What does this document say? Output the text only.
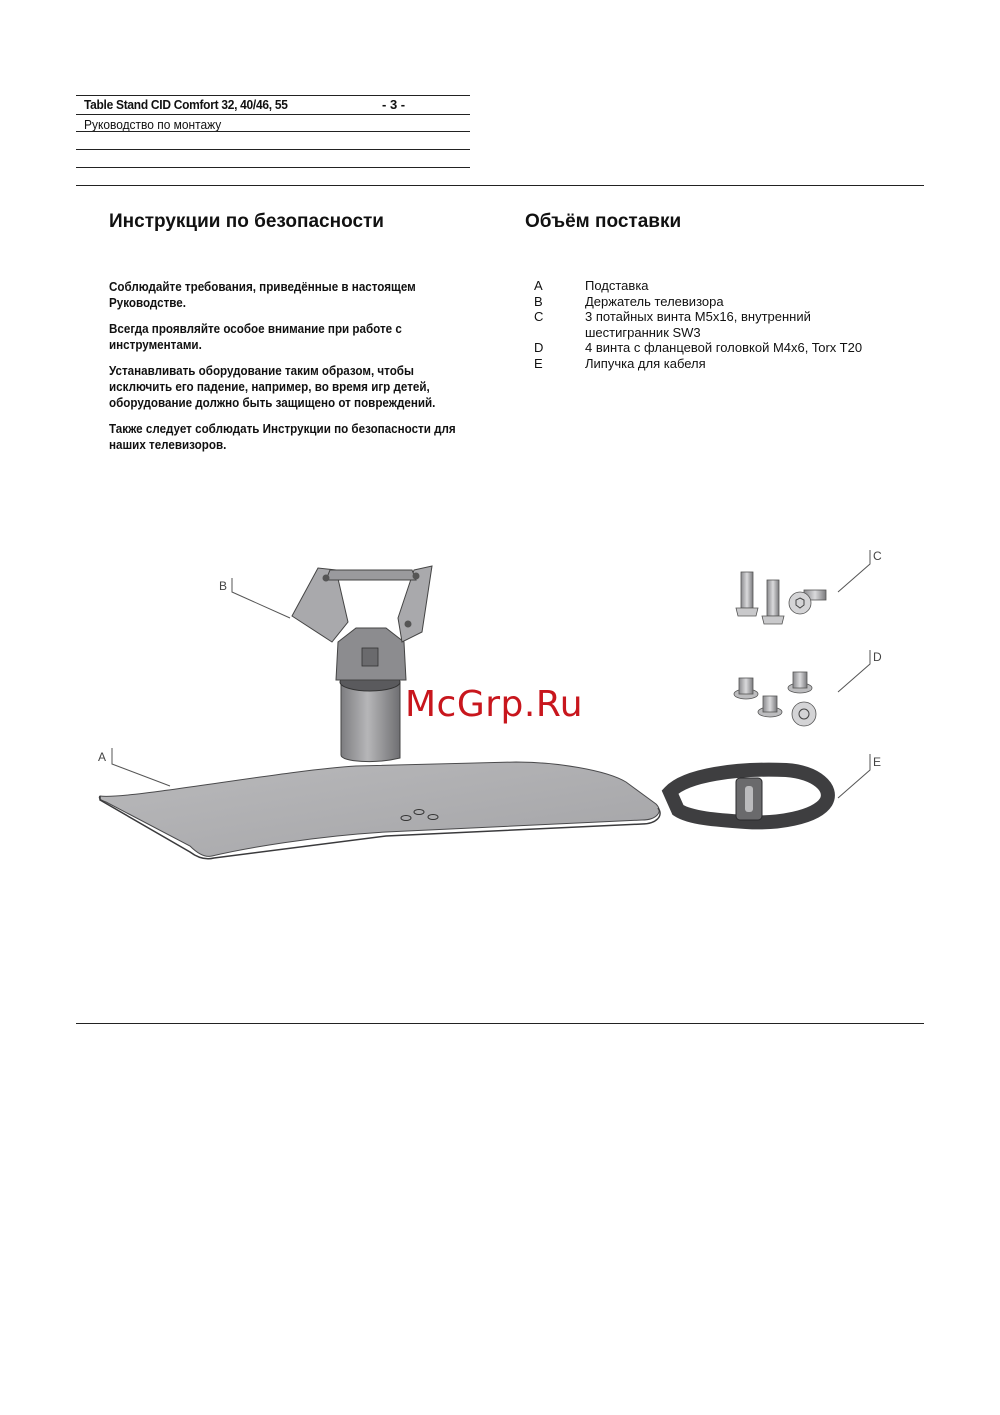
Table Stand CID Comfort 32, 40/46, 55	- 3 -
Руководство по монтажу
Инструкции по безопасности	Объём поставки

Соблюдайте требования, приведённые в настоящем Руководстве.

Всегда проявляйте особое внимание при работе с инструментами.

Устанавливать оборудование таким образом, чтобы исключить его падение, например, во время игр детей, оборудование должно быть защищено от повреждений.

Также следует соблюдать Инструкции по безопасности для наших телевизоров.

A	Подставка
B	Держатель телевизора
C	3 потайных винта M5x16, внутренний шестигранник SW3
D	4 винта с фланцевой головкой M4x6, Torx T20
E	Липучка для кабеля
B
A
C
D
E
McGrp.Ru
